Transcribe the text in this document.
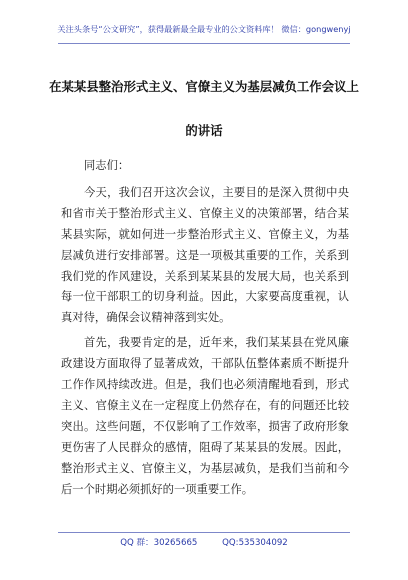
关注头条号“公文研究”，获得最新最全最专业的公文资料库！ 微信：gongwenyj
在某某县整治形式主义、官僚主义为基层减负工作会议上
的讲话

同志们：

今天，我们召开这次会议，主要目的是深入贯彻中央和省市关于整治形式主义、官僚主义的决策部署，结合某某县实际，就如何进一步整治形式主义、官僚主义，为基层减负进行安排部署。这是一项极其重要的工作，关系到我们党的作风建设，关系到某某县的发展大局，也关系到每一位干部职工的切身利益。因此，大家要高度重视，认真对待，确保会议精神落到实处。

首先，我要肯定的是，近年来，我们某某县在党风廉政建设方面取得了显著成效，干部队伍整体素质不断提升工作作风持续改进。但是，我们也必须清醒地看到，形式主义、官僚主义在一定程度上仍然存在，有的问题还比较突出。这些问题，不仅影响了工作效率，损害了政府形象更伤害了人民群众的感情，阻碍了某某县的发展。因此，整治形式主义、官僚主义，为基层减负，是我们当前和今后一个时期必须抓好的一项重要工作。

QQ 群：30265665	QQ:535304092
